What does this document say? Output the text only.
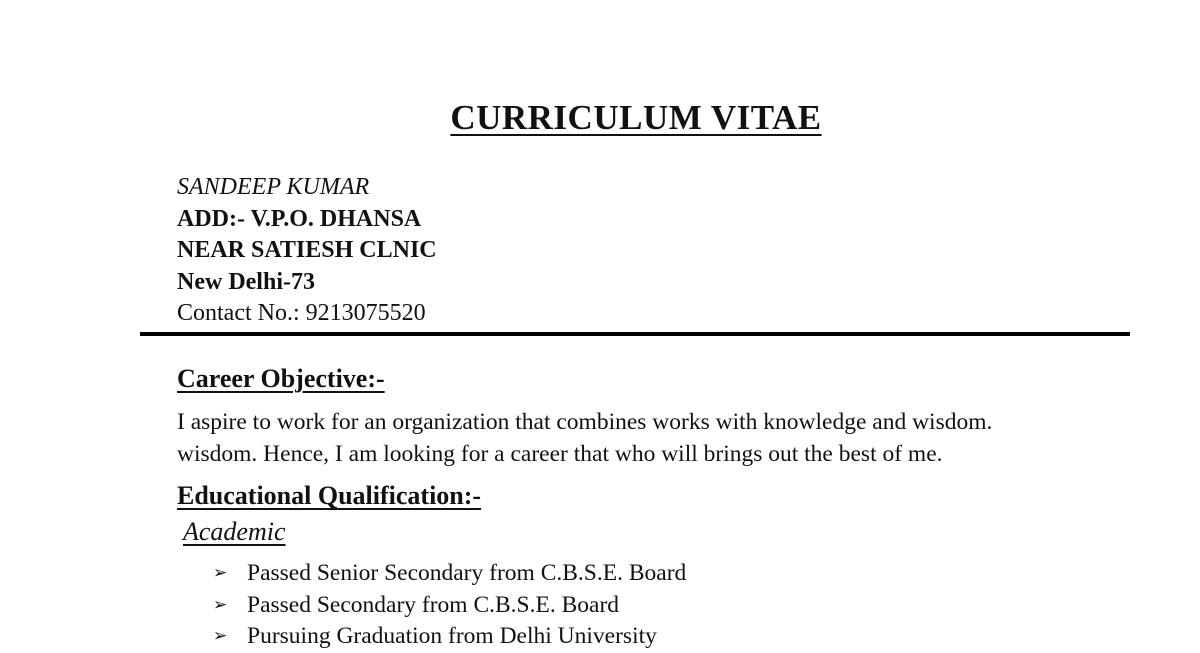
CURRICULUM VITAE
SANDEEP KUMAR
ADD:- V.P.O. DHANSA
NEAR SATIESH CLNIC
New Delhi-73
Contact No.: 9213075520
Career Objective:-
I aspire to work for an organization that combines works with knowledge and wisdom.
wisdom. Hence, I am looking for a career that who will brings out the best of me.
Educational Qualification:-
Academic
➢ Passed Senior Secondary from C.B.S.E. Board
➢ Passed Secondary from C.B.S.E. Board
➢ Pursuing Graduation from Delhi University
